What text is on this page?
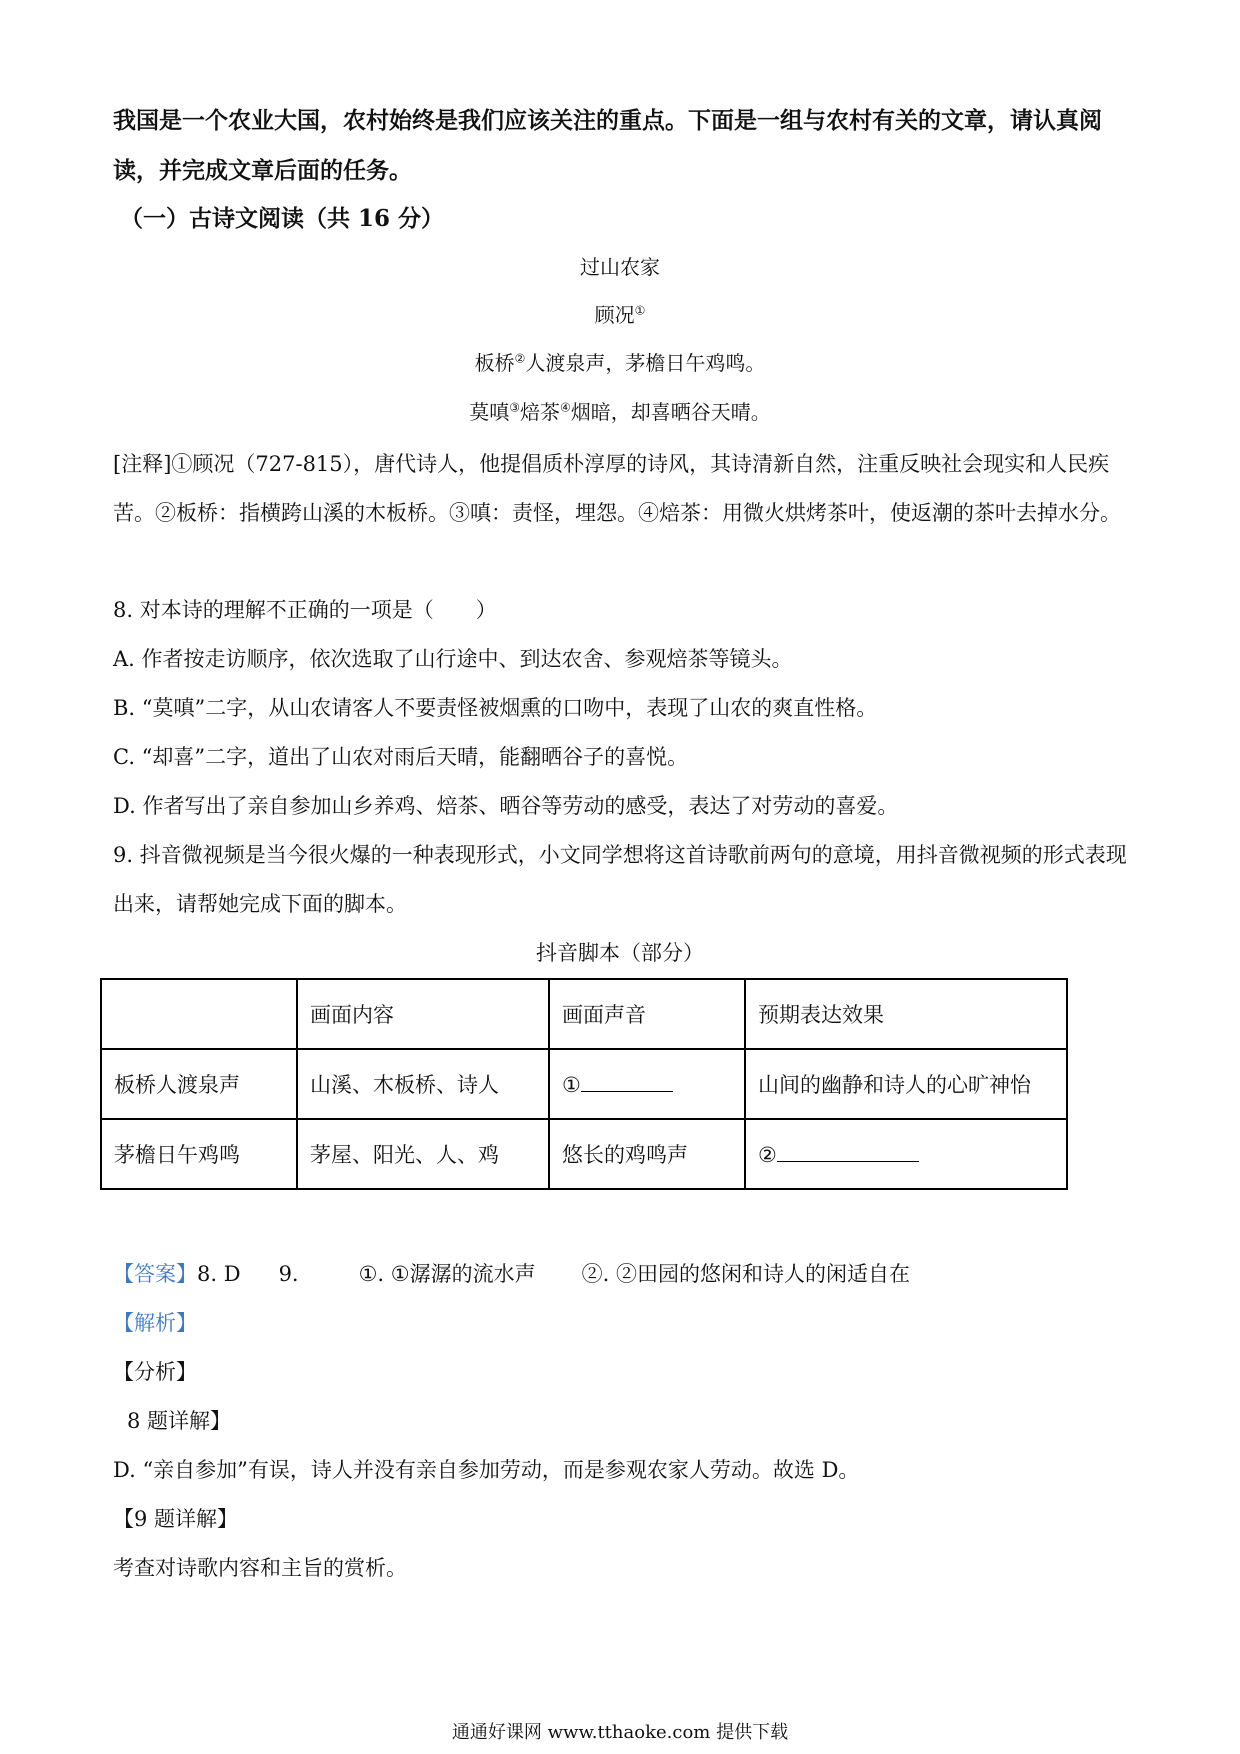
我国是一个农业大国，农村始终是我们应该关注的重点。下面是一组与农村有关的文章，请认真阅读，并完成文章后面的任务。
（一）古诗文阅读（共 16 分）
过山农家
顾况①
板桥②人渡泉声，茅檐日午鸡鸣。
莫嗔③焙茶④烟暗，却喜晒谷天晴。
[注释]①顾况（727-815），唐代诗人，他提倡质朴淳厚的诗风，其诗清新自然，注重反映社会现实和人民疾苦。②板桥：指横跨山溪的木板桥。③嗔：责怪，埋怨。④焙茶：用微火烘烤茶叶，使返潮的茶叶去掉水分。
8. 对本诗的理解不正确的一项是（　　）
A. 作者按走访顺序，依次选取了山行途中、到达农舍、参观焙茶等镜头。
B. “莫嗔”二字，从山农请客人不要责怪被烟熏的口吻中，表现了山农的爽直性格。
C. “却喜”二字，道出了山农对雨后天晴，能翻晒谷子的喜悦。
D. 作者写出了亲自参加山乡养鸡、焙茶、晒谷等劳动的感受，表达了对劳动的喜爱。
9. 抖音微视频是当今很火爆的一种表现形式，小文同学想将这首诗歌前两句的意境，用抖音微视频的形式表现出来，请帮她完成下面的脚本。
抖音脚本（部分）
	画面内容	画面声音	预期表达效果
板桥人渡泉声	山溪、木板桥、诗人	①	山间的幽静和诗人的心旷神怡
茅檐日午鸡鸣	茅屋、阳光、人、鸡	悠长的鸡鸣声	②
【答案】8. D 9.	①. ①潺潺的流水声 ②. ②田园的悠闲和诗人的闲适自在
【解析】
【分析】
8 题详解】
D. “亲自参加”有误，诗人并没有亲自参加劳动，而是参观农家人劳动。故选 D。
【9 题详解】
考查对诗歌内容和主旨的赏析。
通通好课网 www.tthaoke.com 提供下载
